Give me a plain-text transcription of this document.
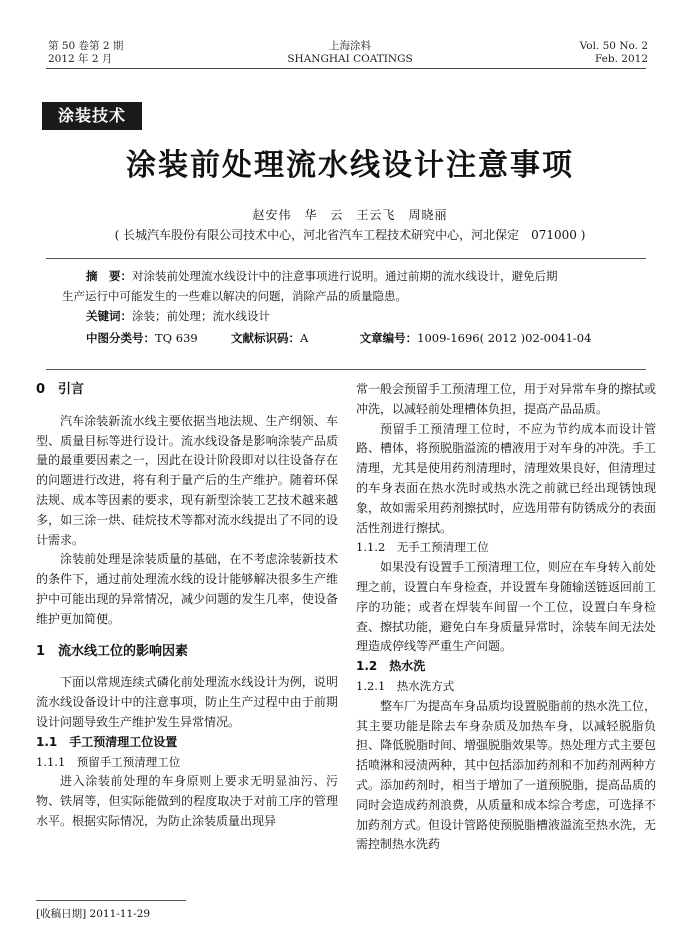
第 50 卷第 2 期
2012 年 2 月
上海涂料
SHANGHAI COATINGS
Vol. 50 No. 2
Feb. 2012
涂装技术
涂装前处理流水线设计注意事项
赵安伟　华　云　王云飞　周晓丽
( 长城汽车股份有限公司技术中心，河北省汽车工程技术研究中心，河北保定　071000 )
摘　要：对涂装前处理流水线设计中的注意事项进行说明。通过前期的流水线设计，避免后期
生产运行中可能发生的一些难以解决的问题，消除产品的质量隐患。
关键词：涂装；前处理；流水线设计
中图分类号：TQ 639	文献标识码：A	文章编号：1009-1696( 2012 )02-0041-04
0　引言

汽车涂装新流水线主要依据当地法规、生产纲领、车型、质量目标等进行设计。流水线设备是影响涂装产品质量的最重要因素之一，因此在设计阶段即对以往设备存在的问题进行改进，将有利于量产后的生产维护。随着环保法规、成本等因素的要求，现有新型涂装工艺技术越来越多，如三涂一烘、硅烷技术等都对流水线提出了不同的设计需求。

涂装前处理是涂装质量的基础，在不考虑涂装新技术的条件下，通过前处理流水线的设计能够解决很多生产维护中可能出现的异常情况，减少问题的发生几率，使设备维护更加简便。

1　流水线工位的影响因素

下面以常规连续式磷化前处理流水线设计为例，说明流水线设备设计中的注意事项，防止生产过程中由于前期设计问题导致生产维护发生异常情况。

1.1　手工预清理工位设置
1.1.1　预留手工预清理工位

进入涂装前处理的车身原则上要求无明显油污、污物、铁屑等，但实际能做到的程度取决于对前工序的管理水平。根据实际情况，为防止涂装质量出现异

常一般会预留手工预清理工位，用于对异常车身的擦拭或冲洗，以减轻前处理槽体负担，提高产品品质。

预留手工预清理工位时，不应为节约成本而设计管路、槽体，将预脱脂溢流的槽液用于对车身的冲洗。手工清理，尤其是使用药剂清理时，清理效果良好，但清理过的车身表面在热水洗时或热水洗之前就已经出现锈蚀现象，故如需采用药剂擦拭时，应选用带有防锈成分的表面活性剂进行擦拭。

1.1.2　无手工预清理工位

如果没有设置手工预清理工位，则应在车身转入前处理之前，设置白车身检查，并设置车身随输送链返回前工序的功能；或者在焊装车间留一个工位，设置白车身检查、擦拭功能，避免白车身质量异常时，涂装车间无法处理造成停线等严重生产问题。

1.2　热水洗
1.2.1　热水洗方式

整车厂为提高车身品质均设置脱脂前的热水洗工位，其主要功能是除去车身杂质及加热车身，以减轻脱脂负担、降低脱脂时间、增强脱脂效果等。热处理方式主要包括喷淋和浸渍两种，其中包括添加药剂和不加药剂两种方式。添加药剂时，相当于增加了一道预脱脂，提高品质的同时会造成药剂浪费，从质量和成本综合考虑，可选择不加药剂方式。但设计管路使预脱脂槽液溢流至热水洗，无需控制热水洗药

[收稿日期] 2011-11-29
